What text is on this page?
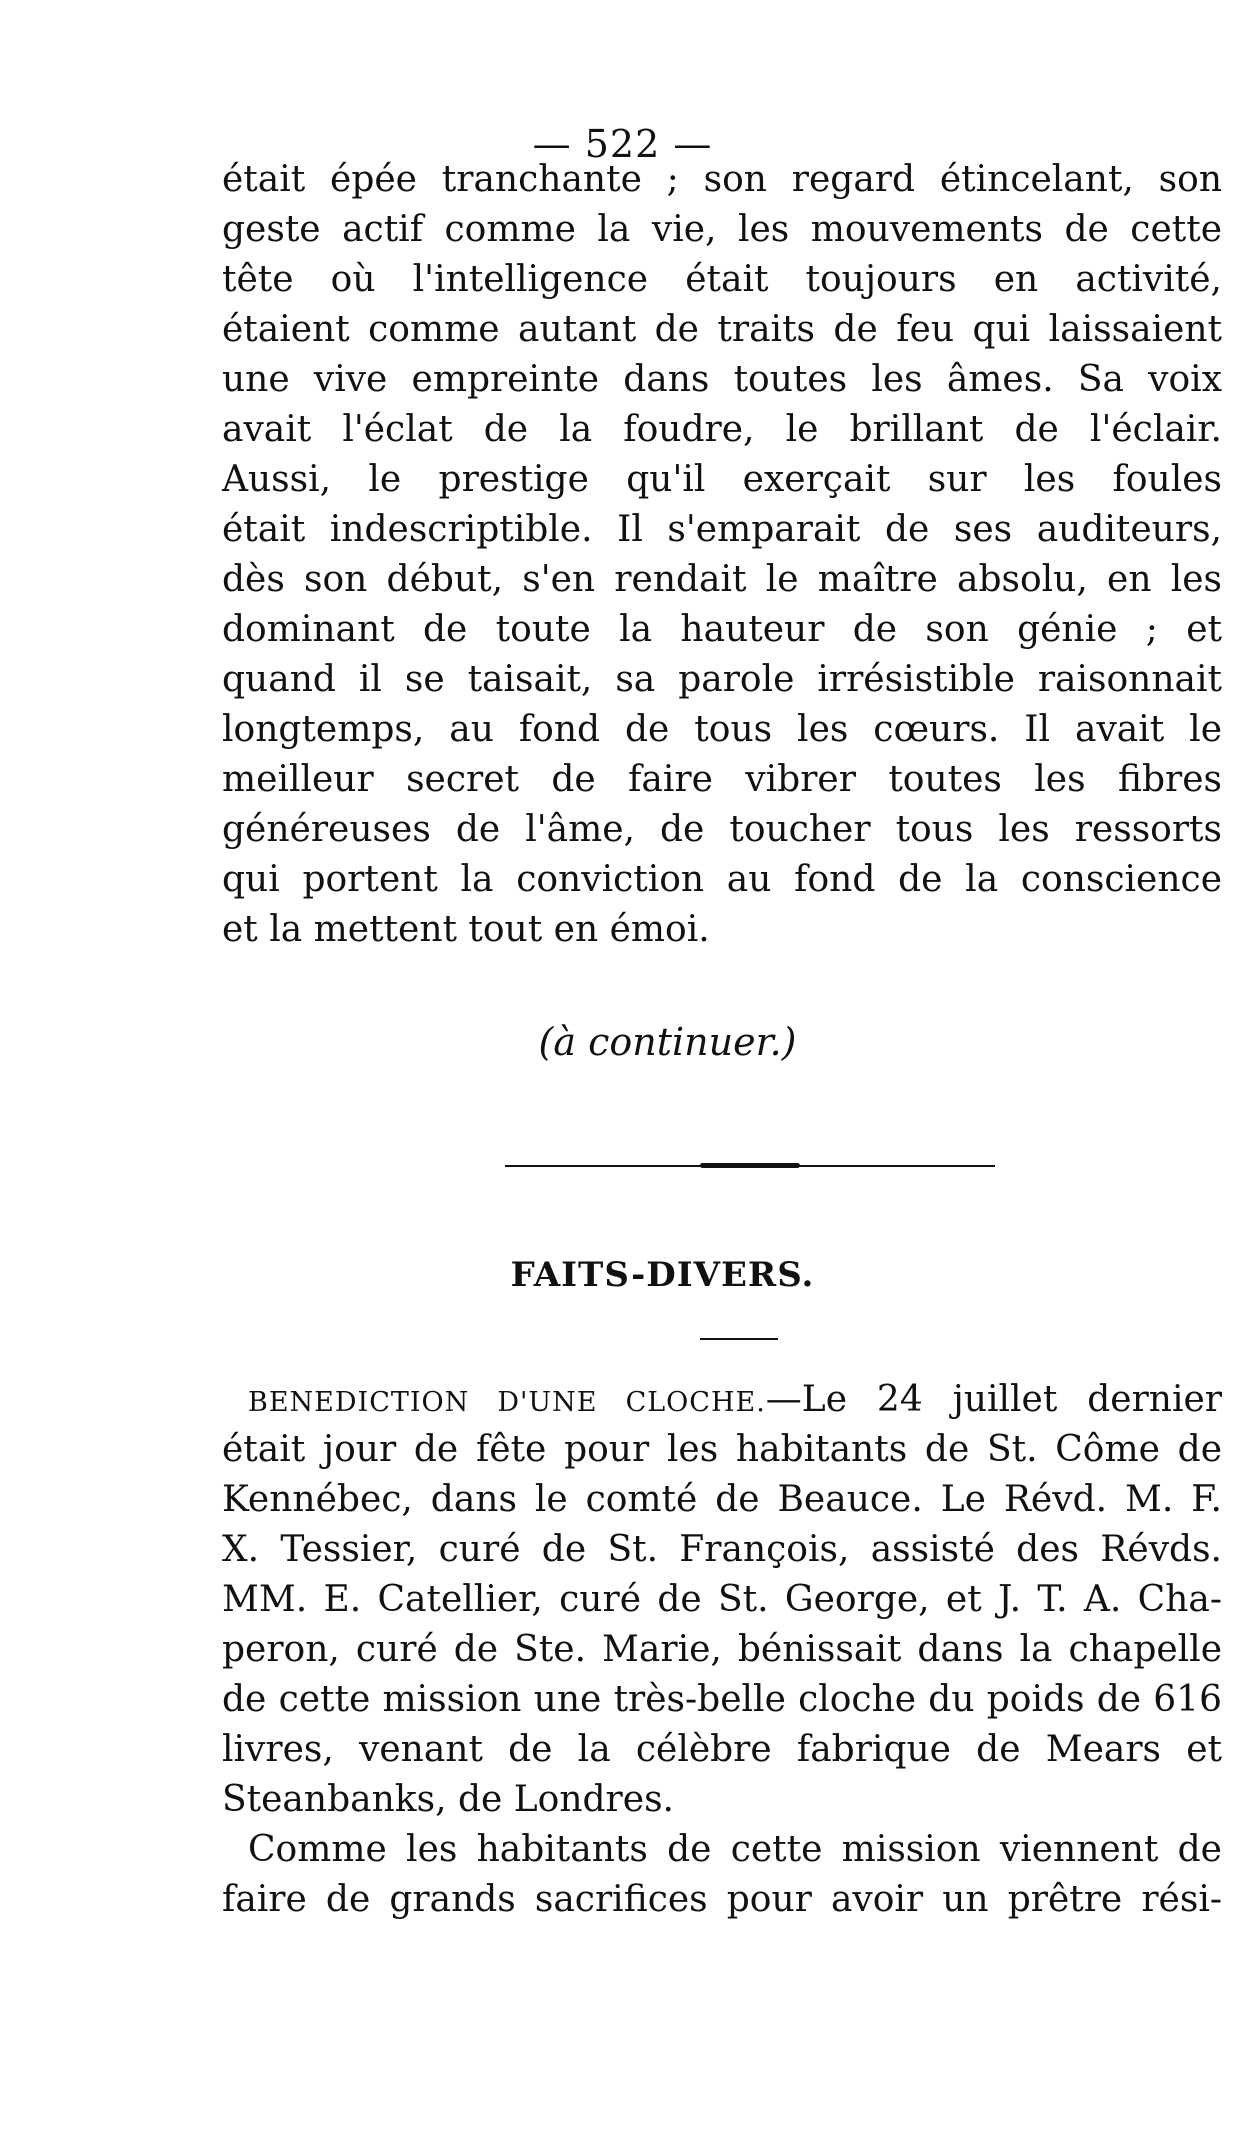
— 522 —
était épée tranchante ; son regard étincelant, son
geste actif comme la vie, les mouvements de cette
tête où l'intelligence était toujours en activité,
étaient comme autant de traits de feu qui laissaient
une vive empreinte dans toutes les âmes. Sa voix
avait l'éclat de la foudre, le brillant de l'éclair.
Aussi, le prestige qu'il exerçait sur les foules
était indescriptible. Il s'emparait de ses auditeurs,
dès son début, s'en rendait le maître absolu, en les
dominant de toute la hauteur de son génie ; et
quand il se taisait, sa parole irrésistible raisonnait
longtemps, au fond de tous les cœurs. Il avait le
meilleur secret de faire vibrer toutes les fibres
généreuses de l'âme, de toucher tous les ressorts
qui portent la conviction au fond de la conscience
et la mettent tout en émoi.
(à continuer.)
FAITS-DIVERS.
BENEDICTION D'UNE CLOCHE.—Le 24 juillet dernier
était jour de fête pour les habitants de St. Côme de
Kennébec, dans le comté de Beauce. Le Révd. M. F.
X. Tessier, curé de St. François, assisté des Révds.
MM. E. Catellier, curé de St. George, et J. T. A. Cha-
peron, curé de Ste. Marie, bénissait dans la chapelle
de cette mission une très-belle cloche du poids de 616
livres, venant de la célèbre fabrique de Mears et
Steanbanks, de Londres.
Comme les habitants de cette mission viennent de
faire de grands sacrifices pour avoir un prêtre rési-
